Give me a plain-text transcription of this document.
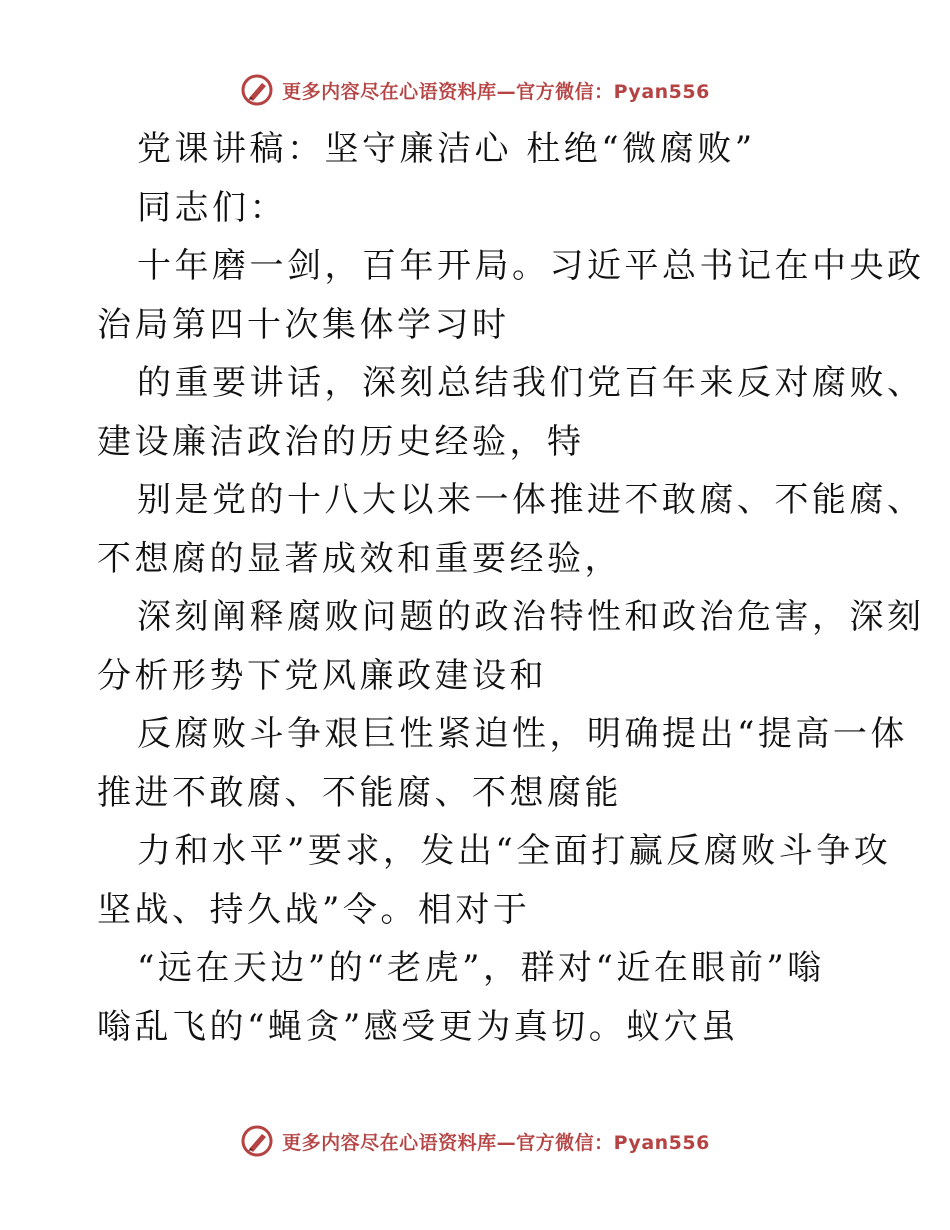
更多内容尽在心语资料库—官方微信：Pyan556
党课讲稿：坚守廉洁心 杜绝“微腐败”
同志们：
十年磨一剑，百年开局。习近平总书记在中央政
治局第四十次集体学习时
的重要讲话，深刻总结我们党百年来反对腐败、
建设廉洁政治的历史经验，特
别是党的十八大以来一体推进不敢腐、不能腐、
不想腐的显著成效和重要经验，
深刻阐释腐败问题的政治特性和政治危害，深刻
分析形势下党风廉政建设和
反腐败斗争艰巨性紧迫性，明确提出“提高一体
推进不敢腐、不能腐、不想腐能
力和水平”要求，发出“全面打赢反腐败斗争攻
坚战、持久战”令。相对于
“远在天边”的“老虎”，群对“近在眼前”嗡
嗡乱飞的“蝇贪”感受更为真切。蚁穴虽
更多内容尽在心语资料库—官方微信：Pyan556
